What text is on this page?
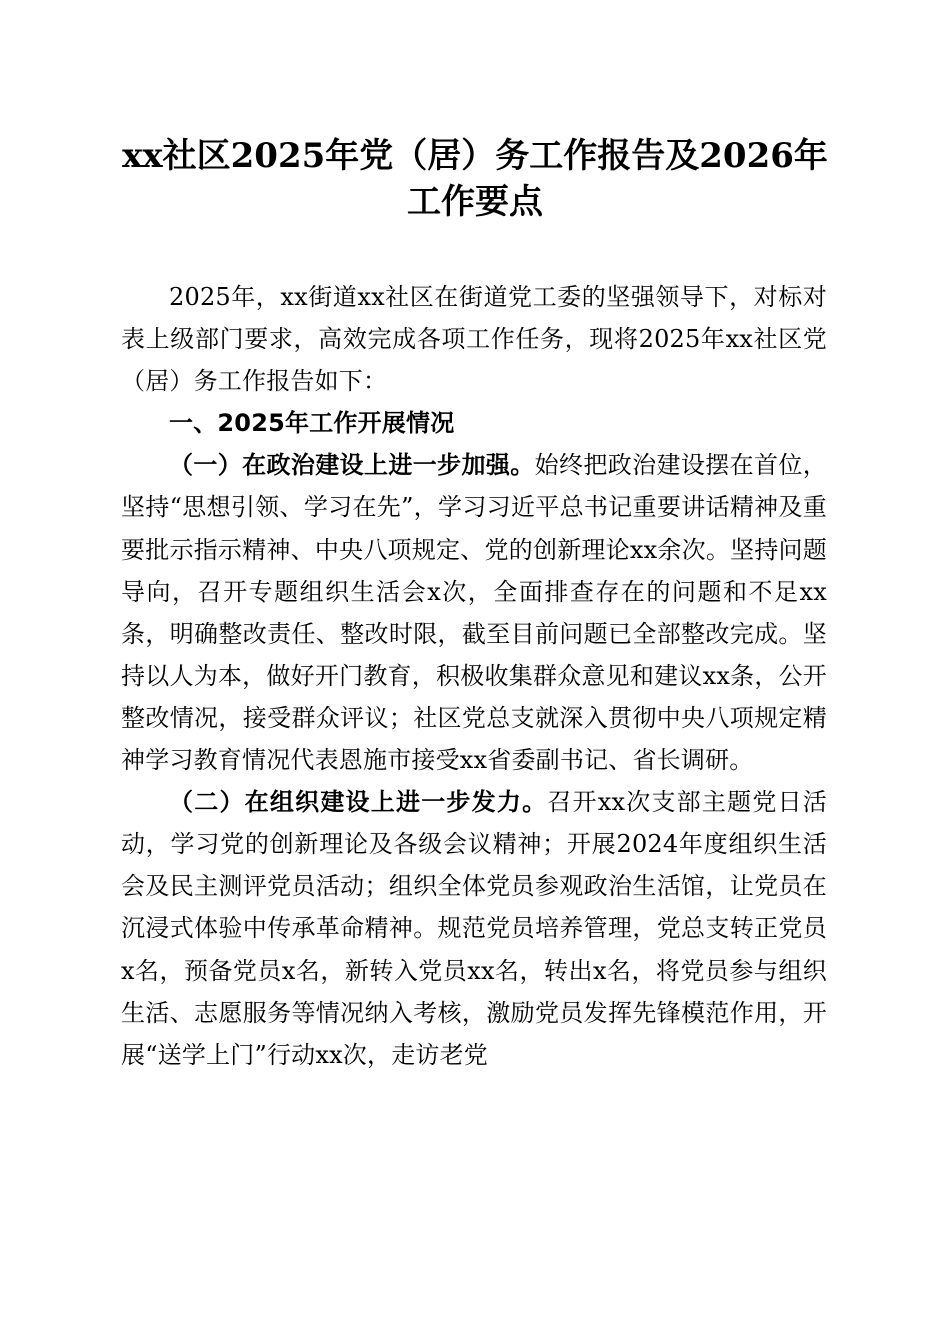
xx社区2025年党（居）务工作报告及2026年
工作要点

2025年，xx街道xx社区在街道党工委的坚强领导下，对标对表上级部门要求，高效完成各项工作任务，现将2025年xx社区党（居）务工作报告如下：

一、2025年工作开展情况

（一）在政治建设上进一步加强。始终把政治建设摆在首位，坚持“思想引领、学习在先”，学习习近平总书记重要讲话精神及重要批示指示精神、中央八项规定、党的创新理论xx余次。坚持问题导向，召开专题组织生活会x次，全面排查存在的问题和不足xx条，明确整改责任、整改时限，截至目前问题已全部整改完成。坚持以人为本，做好开门教育，积极收集群众意见和建议xx条，公开整改情况，接受群众评议；社区党总支就深入贯彻中央八项规定精神学习教育情况代表恩施市接受xx省委副书记、省长调研。

（二）在组织建设上进一步发力。召开xx次支部主题党日活动，学习党的创新理论及各级会议精神；开展2024年度组织生活会及民主测评党员活动；组织全体党员参观政治生活馆，让党员在沉浸式体验中传承革命精神。规范党员培养管理，党总支转正党员x名，预备党员x名，新转入党员xx名，转出x名，将党员参与组织生活、志愿服务等情况纳入考核，激励党员发挥先锋模范作用，开展“送学上门”行动xx次，走访老党
